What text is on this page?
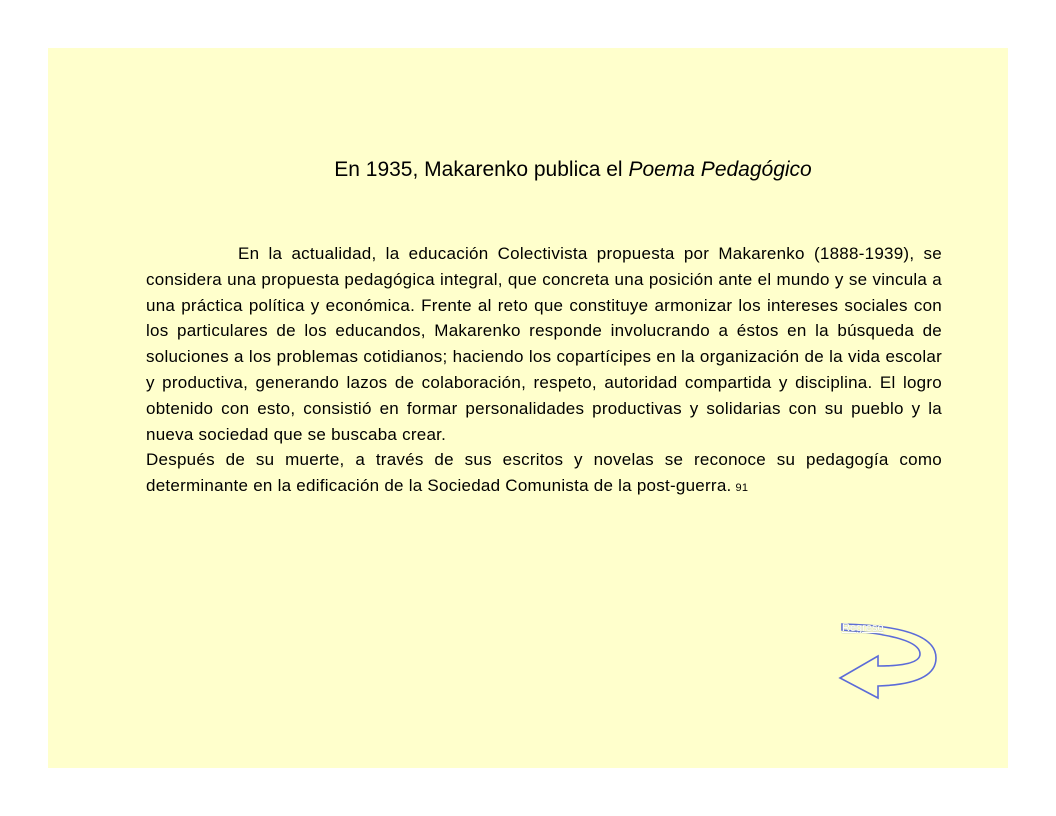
En 1935, Makarenko publica el Poema Pedagógico

En la actualidad, la educación Colectivista propuesta por Makarenko (1888-1939), se considera una propuesta pedagógica integral, que concreta una posición ante el mundo y se vincula a una práctica política y económica. Frente al reto que constituye armonizar los intereses sociales con los particulares de los educandos, Makarenko responde involucrando a éstos en la búsqueda de soluciones a los problemas cotidianos; haciendo los copartícipes en la organización de la vida escolar y productiva, generando lazos de colaboración, respeto, autoridad compartida y disciplina. El logro obtenido con esto, consistió en formar personalidades productivas y solidarias con su pueblo y la nueva sociedad que se buscaba crear.

Después de su muerte, a través de sus escritos y novelas se reconoce su pedagogía como determinante en la edificación de la Sociedad Comunista de la post-guerra. 91

Regreso
